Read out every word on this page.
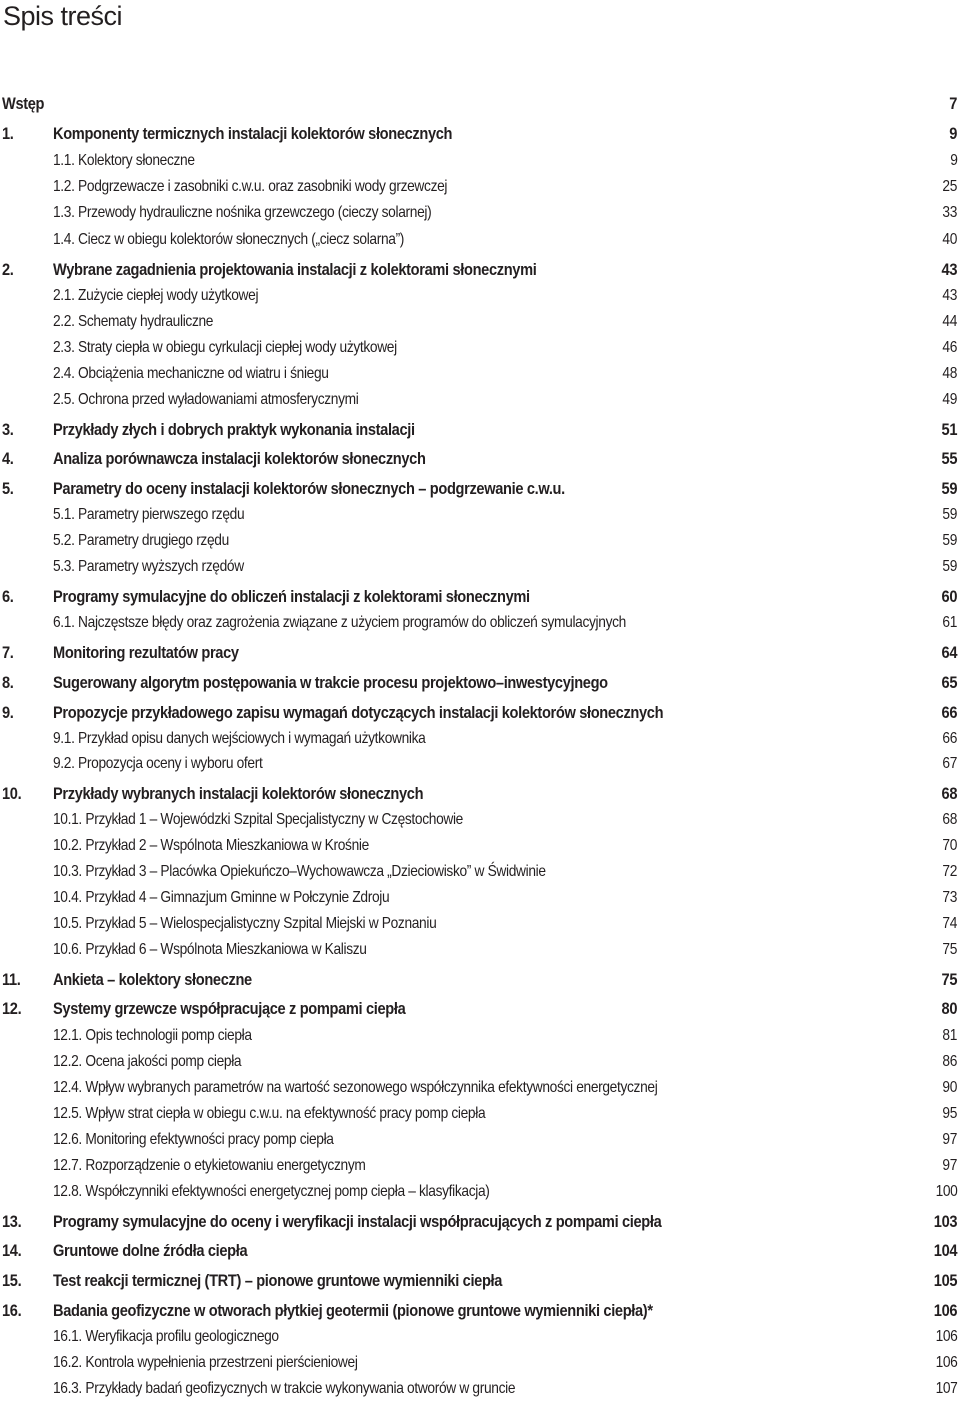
Spis treści
Wstęp	7
1. Komponenty termicznych instalacji kolektorów słonecznych	9
1.1. Kolektory słoneczne	9
1.2. Podgrzewacze i zasobniki c.w.u. oraz zasobniki wody grzewczej	25
1.3. Przewody hydrauliczne nośnika grzewczego (cieczy solarnej)	33
1.4. Ciecz w obiegu kolektorów słonecznych („ciecz solarna”)	40
2. Wybrane zagadnienia projektowania instalacji z kolektorami słonecznymi	43
2.1. Zużycie ciepłej wody użytkowej	43
2.2. Schematy hydrauliczne	44
2.3. Straty ciepła w obiegu cyrkulacji ciepłej wody użytkowej	46
2.4. Obciążenia mechaniczne od wiatru i śniegu	48
2.5. Ochrona przed wyładowaniami atmosferycznymi	49
3. Przykłady złych i dobrych praktyk wykonania instalacji	51
4. Analiza porównawcza instalacji kolektorów słonecznych	55
5. Parametry do oceny instalacji kolektorów słonecznych – podgrzewanie c.w.u.	59
5.1. Parametry pierwszego rzędu	59
5.2. Parametry drugiego rzędu	59
5.3. Parametry wyższych rzędów	59
6. Programy symulacyjne do obliczeń instalacji z kolektorami słonecznymi	60
6.1. Najczęstsze błędy oraz zagrożenia związane z użyciem programów do obliczeń symulacyjnych	61
7. Monitoring rezultatów pracy	64
8. Sugerowany algorytm postępowania w trakcie procesu projektowo–inwestycyjnego	65
9. Propozycje przykładowego zapisu wymagań dotyczących instalacji kolektorów słonecznych	66
9.1. Przykład opisu danych wejściowych i wymagań użytkownika	66
9.2. Propozycja oceny i wyboru ofert	67
10. Przykłady wybranych instalacji kolektorów słonecznych	68
10.1. Przykład 1 – Wojewódzki Szpital Specjalistyczny w Częstochowie	68
10.2. Przykład 2 – Wspólnota Mieszkaniowa w Krośnie	70
10.3. Przykład 3 – Placówka Opiekuńczo–Wychowawcza „Dzieciowisko” w Świdwinie	72
10.4. Przykład 4 – Gimnazjum Gminne w Połczynie Zdroju	73
10.5. Przykład 5 – Wielospecjalistyczny Szpital Miejski w Poznaniu	74
10.6. Przykład 6 – Wspólnota Mieszkaniowa w Kaliszu	75
11. Ankieta – kolektory słoneczne	75
12. Systemy grzewcze współpracujące z pompami ciepła	80
12.1. Opis technologii pomp ciepła	81
12.2. Ocena jakości pomp ciepła	86
12.4. Wpływ wybranych parametrów na wartość sezonowego współczynnika efektywności energetycznej	90
12.5. Wpływ strat ciepła w obiegu c.w.u. na efektywność pracy pomp ciepła	95
12.6. Monitoring efektywności pracy pomp ciepła	97
12.7. Rozporządzenie o etykietowaniu energetycznym	97
12.8. Współczynniki efektywności energetycznej pomp ciepła – klasyfikacja)	100
13. Programy symulacyjne do oceny i weryfikacji instalacji współpracujących z pompami ciepła	103
14. Gruntowe dolne źródła ciepła	104
15. Test reakcji termicznej (TRT) – pionowe gruntowe wymienniki ciepła	105
16. Badania geofizyczne w otworach płytkiej geotermii (pionowe gruntowe wymienniki ciepła)*	106
16.1. Weryfikacja profilu geologicznego	106
16.2. Kontrola wypełnienia przestrzeni pierścieniowej	106
16.3. Przykłady badań geofizycznych w trakcie wykonywania otworów w gruncie	107
